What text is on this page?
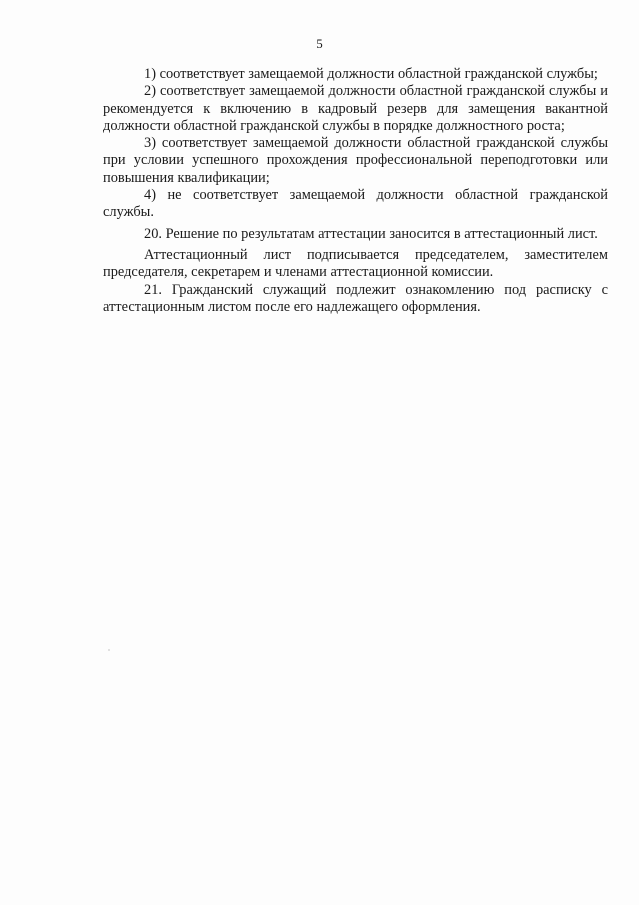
5

1) соответствует замещаемой должности областной гражданской службы;

2) соответствует замещаемой должности областной гражданской службы и рекомендуется к включению в кадровый резерв для замещения вакантной должности областной гражданской службы в порядке должностного роста;

3) соответствует замещаемой должности областной гражданской службы при условии успешного прохождения профессиональной переподготовки или повышения квалификации;

4) не соответствует замещаемой должности областной гражданской службы.

20. Решение по результатам аттестации заносится в аттестационный лист.

Аттестационный лист подписывается председателем, заместителем председателя, секретарем и членами аттестационной комиссии.

21. Гражданский служащий подлежит ознакомлению под расписку с аттестационным листом после его надлежащего оформления.
